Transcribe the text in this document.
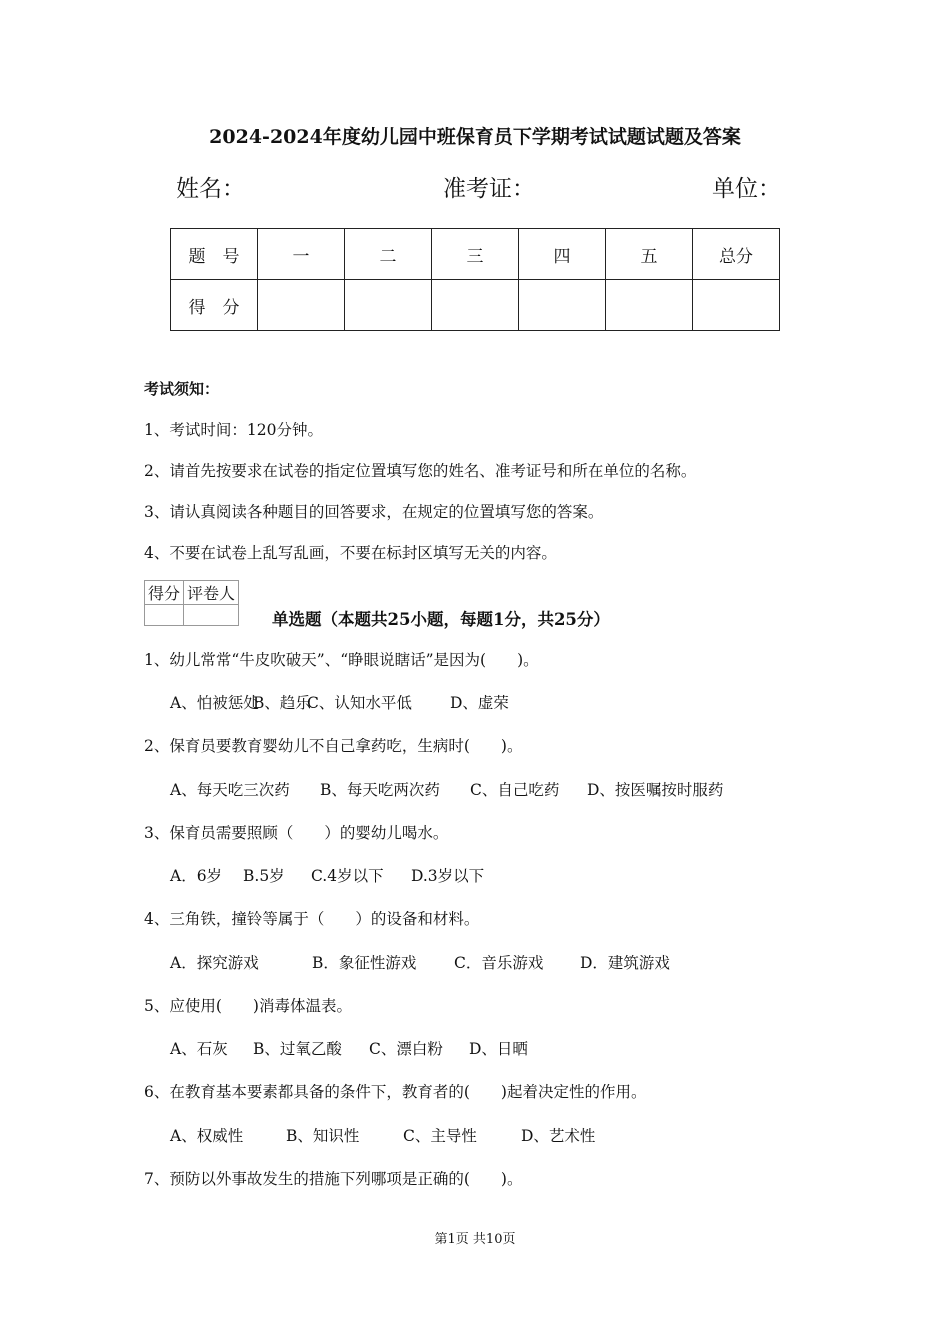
2024-2024年度幼儿园中班保育员下学期考试试题试题及答案
姓名：	准考证：	单位：
题　号	一	二	三	四	五	总分
得　分						
考试须知：
1、考试时间：120分钟。
2、请首先按要求在试卷的指定位置填写您的姓名、准考证号和所在单位的名称。
3、请认真阅读各种题目的回答要求，在规定的位置填写您的答案。
4、不要在试卷上乱写乱画，不要在标封区填写无关的内容。
得分	评卷人

单选题（本题共25小题，每题1分，共25分）
1、幼儿常常“牛皮吹破天”、“睁眼说瞎话”是因为(　　)。
A、怕被惩处B、趋乐C、认知水平低 D、虚荣
2、保育员要教育婴幼儿不自己拿药吃，生病时(　　)。
A、每天吃三次药 B、每天吃两次药 C、自己吃药 D、按医嘱按时服药
3、保育员需要照顾（　　）的婴幼儿喝水。
A．6岁 B.5岁 C.4岁以下 D.3岁以下
4、三角铁，撞铃等属于（　　）的设备和材料。
A．探究游戏	B．象征性游戏 C．音乐游戏 D．建筑游戏
5、应使用(　　)消毒体温表。
A、石灰 B、过氧乙酸 C、漂白粉 D、日晒
6、在教育基本要素都具备的条件下，教育者的(　　)起着决定性的作用。
A、权威性	B、知识性	C、主导性	D、艺术性
7、预防以外事故发生的措施下列哪项是正确的(　　)。
第1页 共10页
